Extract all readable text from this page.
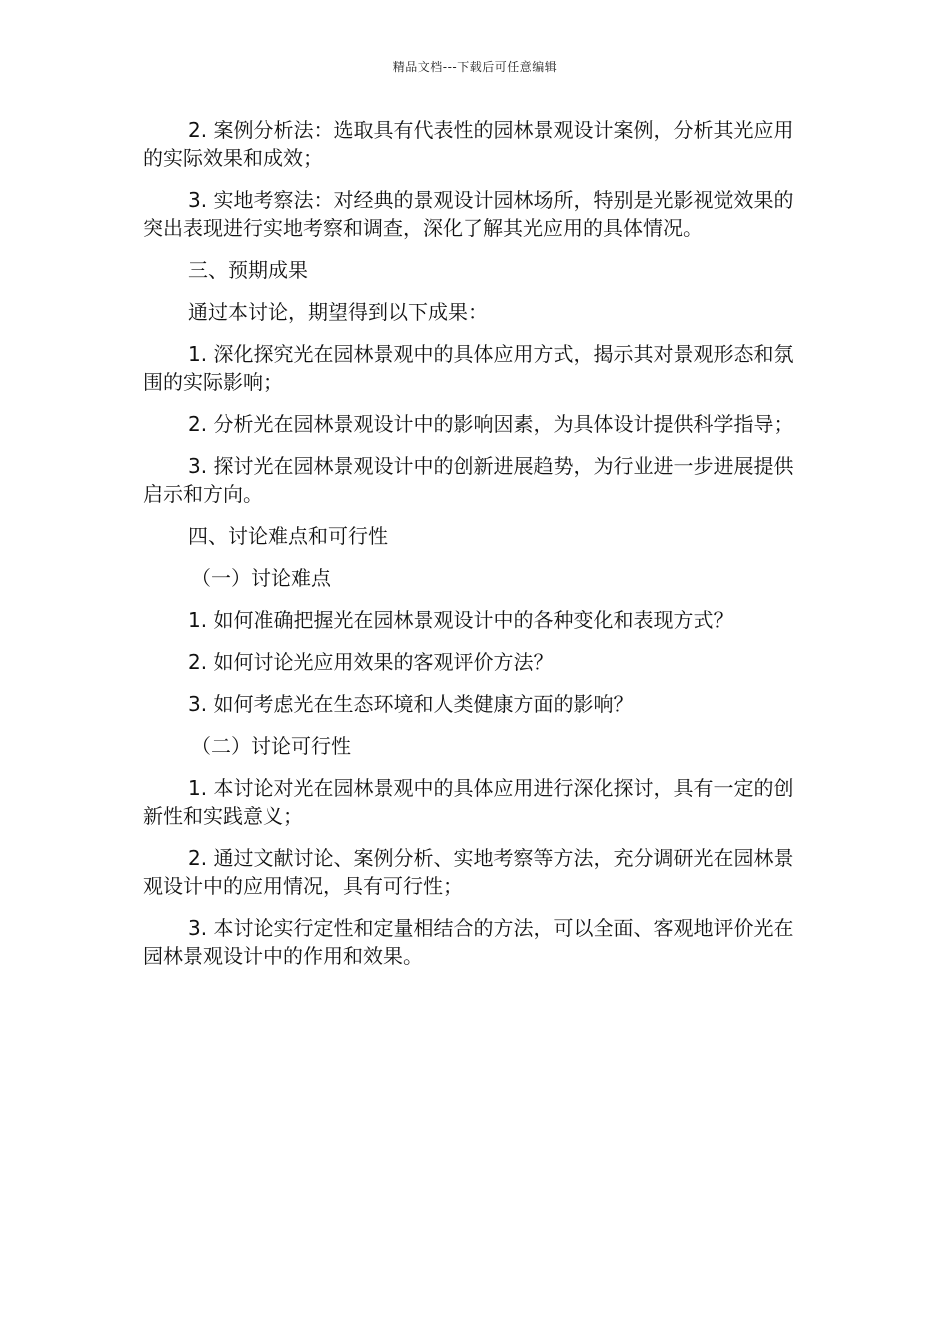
精品文档---下载后可任意编辑

2. 案例分析法：选取具有代表性的园林景观设计案例，分析其光应用的实际效果和成效；

3. 实地考察法：对经典的景观设计园林场所，特别是光影视觉效果的突出表现进行实地考察和调查，深化了解其光应用的具体情况。

三、预期成果

通过本讨论，期望得到以下成果：

1. 深化探究光在园林景观中的具体应用方式，揭示其对景观形态和氛围的实际影响；

2. 分析光在园林景观设计中的影响因素，为具体设计提供科学指导；

3. 探讨光在园林景观设计中的创新进展趋势，为行业进一步进展提供启示和方向。

四、讨论难点和可行性

（一）讨论难点

1. 如何准确把握光在园林景观设计中的各种变化和表现方式？

2. 如何讨论光应用效果的客观评价方法？

3. 如何考虑光在生态环境和人类健康方面的影响？

（二）讨论可行性

1. 本讨论对光在园林景观中的具体应用进行深化探讨，具有一定的创新性和实践意义；

2. 通过文献讨论、案例分析、实地考察等方法，充分调研光在园林景观设计中的应用情况，具有可行性；

3. 本讨论实行定性和定量相结合的方法，可以全面、客观地评价光在园林景观设计中的作用和效果。
